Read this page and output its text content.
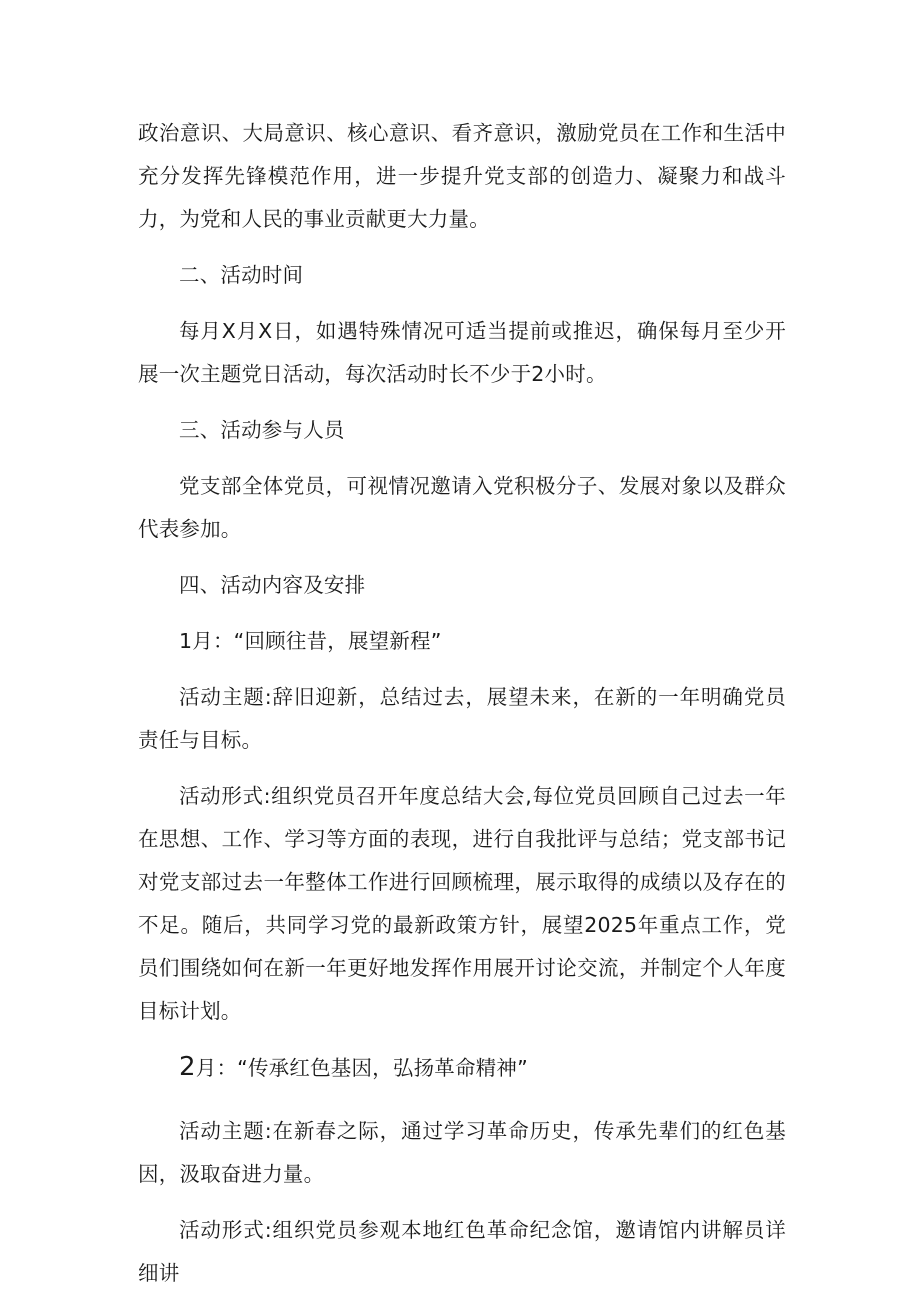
政治意识、大局意识、核心意识、看齐意识，激励党员在工作和生活中充分发挥先锋模范作用，进一步提升党支部的创造力、凝聚力和战斗力，为党和人民的事业贡献更大力量。

二、活动时间

每月X月X日，如遇特殊情况可适当提前或推迟，确保每月至少开展一次主题党日活动，每次活动时长不少于2小时。

三、活动参与人员

党支部全体党员，可视情况邀请入党积极分子、发展对象以及群众代表参加。

四、活动内容及安排

1月：“回顾往昔，展望新程”

活动主题:辞旧迎新，总结过去，展望未来，在新的一年明确党员责任与目标。

活动形式:组织党员召开年度总结大会,每位党员回顾自己过去一年在思想、工作、学习等方面的表现，进行自我批评与总结；党支部书记对党支部过去一年整体工作进行回顾梳理，展示取得的成绩以及存在的不足。随后，共同学习党的最新政策方针，展望2025年重点工作，党员们围绕如何在新一年更好地发挥作用展开讨论交流，并制定个人年度目标计划。

2月：“传承红色基因，弘扬革命精神”

活动主题:在新春之际，通过学习革命历史，传承先辈们的红色基因，汲取奋进力量。

活动形式:组织党员参观本地红色革命纪念馆，邀请馆内讲解员详细讲
